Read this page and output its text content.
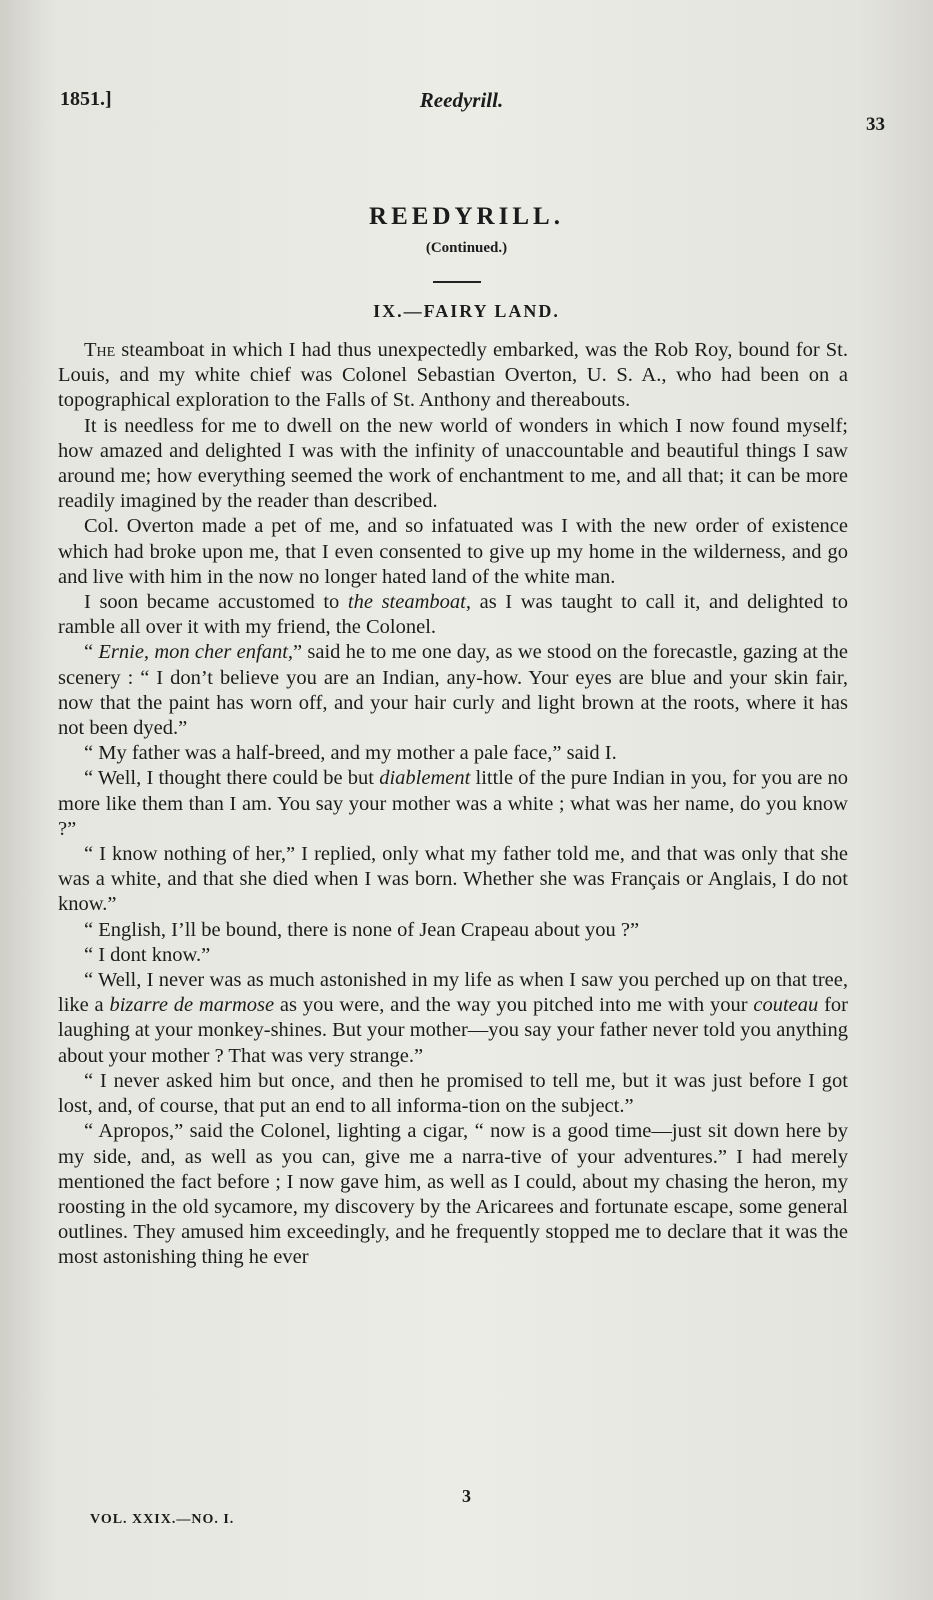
1851.]	Reedyrill.
33
REEDYRILL.
(Continued.)
IX.—FAIRY LAND.

The steamboat in which I had thus unexpectedly embarked, was the Rob Roy, bound for St. Louis, and my white chief was Colonel Sebastian Overton, U. S. A., who had been on a topographical exploration to the Falls of St. Anthony and thereabouts.

It is needless for me to dwell on the new world of wonders in which I now found myself; how amazed and delighted I was with the infinity of unaccountable and beautiful things I saw around me; how everything seemed the work of enchantment to me, and all that; it can be more readily imagined by the reader than described.

Col. Overton made a pet of me, and so infatuated was I with the new order of existence which had broke upon me, that I even consented to give up my home in the wilderness, and go and live with him in the now no longer hated land of the white man.

I soon became accustomed to the steamboat, as I was taught to call it, and delighted to ramble all over it with my friend, the Colonel.

“ Ernie, mon cher enfant,” said he to me one day, as we stood on the forecastle, gazing at the scenery : “ I don’t believe you are an Indian, any-how. Your eyes are blue and your skin fair, now that the paint has worn off, and your hair curly and light brown at the roots, where it has not been dyed.”

“ My father was a half-breed, and my mother a pale face,” said I.

“ Well, I thought there could be but diablement little of the pure Indian in you, for you are no more like them than I am. You say your mother was a white ; what was her name, do you know ?”

“ I know nothing of her,” I replied, only what my father told me, and that was only that she was a white, and that she died when I was born. Whether she was Français or Anglais, I do not know.”

“ English, I’ll be bound, there is none of Jean Crapeau about you ?”

“ I dont know.”

“ Well, I never was as much astonished in my life as when I saw you perched up on that tree, like a bizarre de marmose as you were, and the way you pitched into me with your couteau for laughing at your monkey-shines. But your mother—you say your father never told you anything about your mother ? That was very strange.”

“ I never asked him but once, and then he promised to tell me, but it was just before I got lost, and, of course, that put an end to all informa-tion on the subject.”

“ Apropos,” said the Colonel, lighting a cigar, “ now is a good time—just sit down here by my side, and, as well as you can, give me a narra-tive of your adventures.” I had merely mentioned the fact before ; I now gave him, as well as I could, about my chasing the heron, my roosting in the old sycamore, my discovery by the Aricarees and fortunate escape, some general outlines. They amused him exceedingly, and he frequently stopped me to declare that it was the most astonishing thing he ever

3
VOL. XXIX.—NO. I.
